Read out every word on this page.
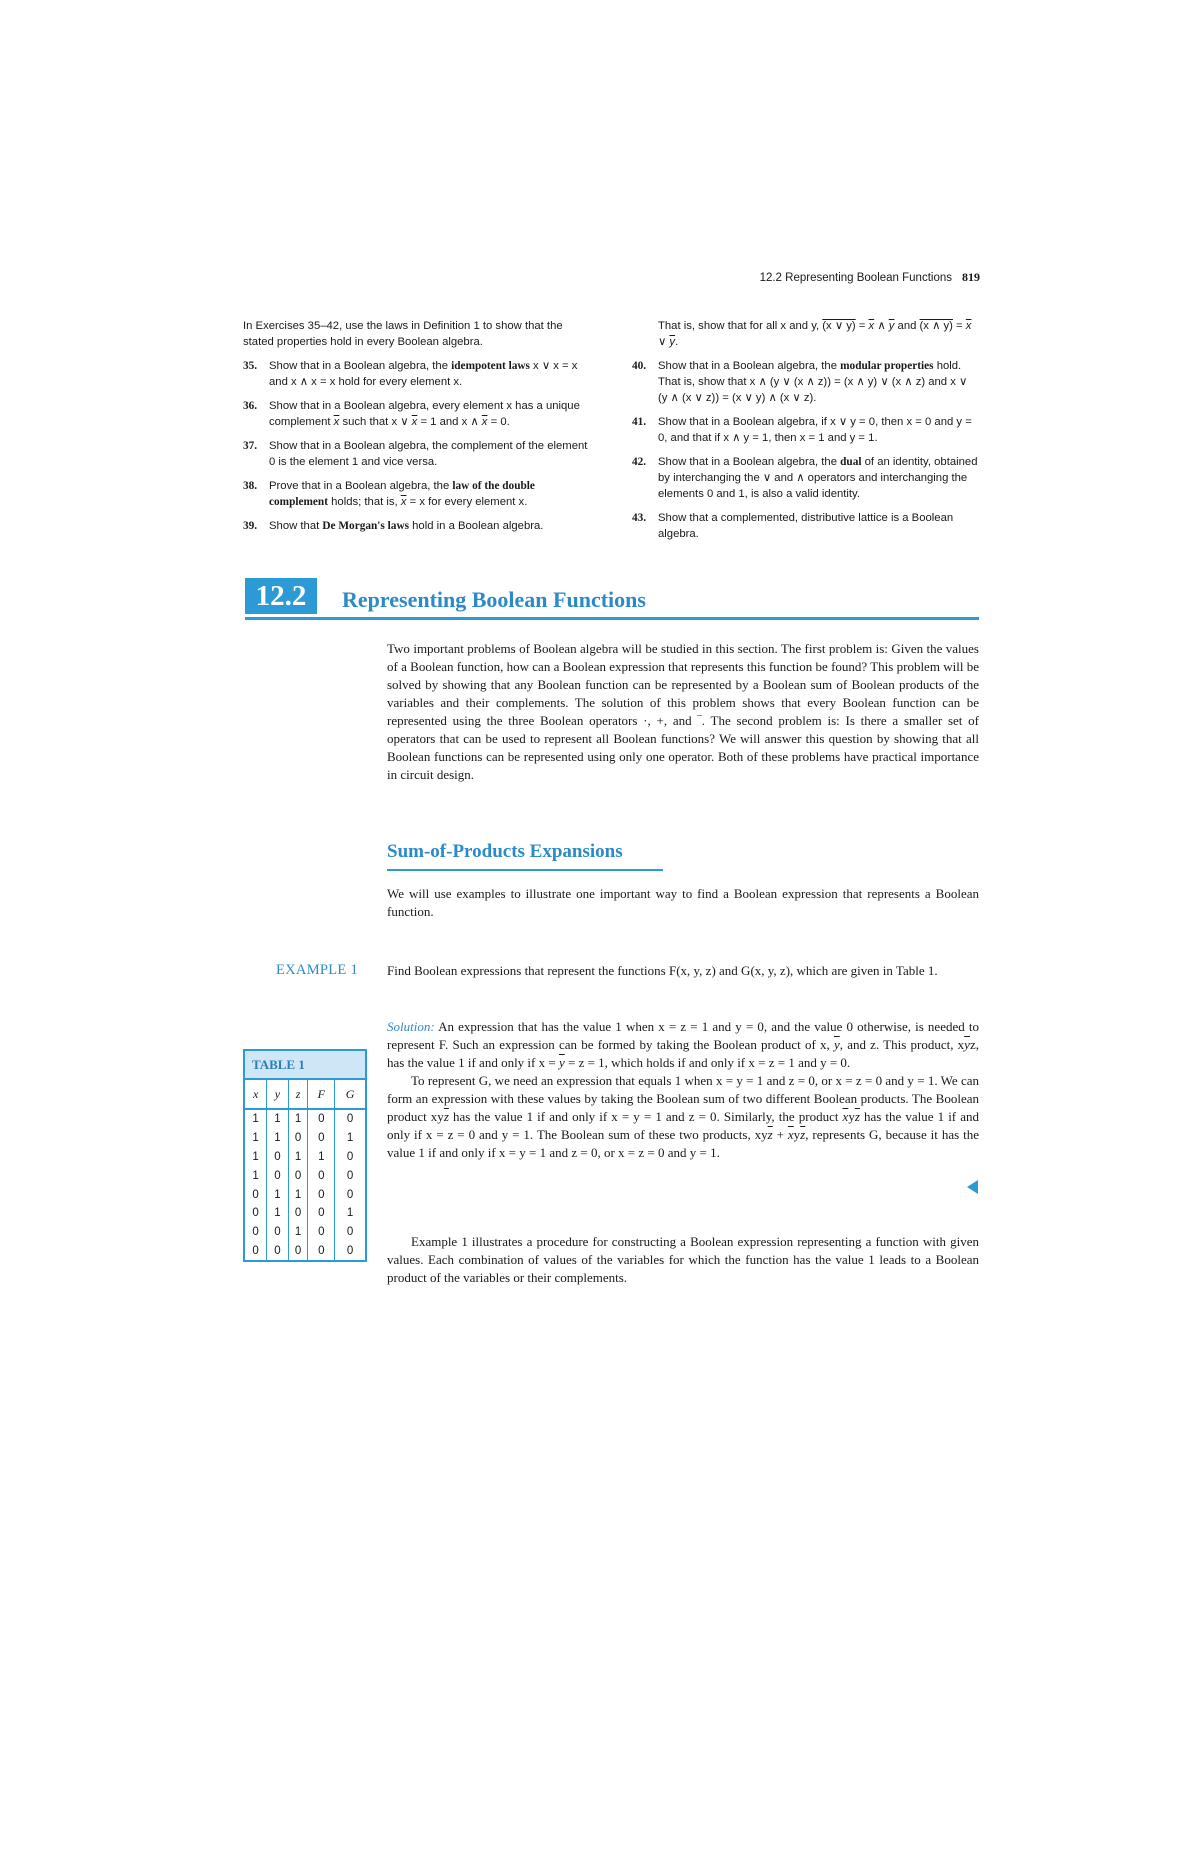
12.2 Representing Boolean Functions 819

In Exercises 35–42, use the laws in Definition 1 to show that the stated properties hold in every Boolean algebra.

35. Show that in a Boolean algebra, the idempotent laws x ∨ x = x and x ∧ x = x hold for every element x.
36. Show that in a Boolean algebra, every element x has a unique complement $\overline{x}$ such that x ∨ $\overline{x} = 1$ and x ∧ $\overline{x} = 0$.
37. Show that in a Boolean algebra, the complement of the element 0 is the element 1 and vice versa.
38. Prove that in a Boolean algebra, the law of the double complement holds; that is, x = x for every element x.
39. Show that De Morgan's laws hold in a Boolean algebra.
That is, show that for all x and y, (x ∨ $y) = \overline{x}$ ∧ $\overline{y}$ and (x ∧ $y) = \overline{x}$ ∨ $\overline{y}$.
40. Show that in a Boolean algebra, the modular properties hold. That is, show that x ∧ (y ∨ (x ∧ z)) = (x ∧ y) ∨ (x ∧ z) and x ∨ (y ∧ (x ∨ z)) = (x ∨ y) ∧ (x ∨ z).
41. Show that in a Boolean algebra, if x ∨ y = 0, then x = 0 and y = 0, and that if x ∧ y = 1, then x = 1 and y = 1.
42. Show that in a Boolean algebra, the dual of an identity, obtained by interchanging the ∨ and ∧ operators and interchanging the elements 0 and 1, is also a valid identity.
43. Show that a complemented, distributive lattice is a Boolean algebra.
12.2	Representing Boolean Functions

Two important problems of Boolean algebra will be studied in this section. The first problem is: Given the values of a Boolean function, how can a Boolean expression that represents this function be found? This problem will be solved by showing that any Boolean function can be represented by a Boolean sum of Boolean products of the variables and their complements. The solution of this problem shows that every Boolean function can be represented using the three Boolean operators ·, +, and ‾. The second problem is: Is there a smaller set of operators that can be used to represent all Boolean functions? We will answer this question by showing that all Boolean functions can be represented using only one operator. Both of these problems have practical importance in circuit design.

Sum-of-Products Expansions

We will use examples to illustrate one important way to find a Boolean expression that represents a Boolean function.

EXAMPLE 1 Find Boolean expressions that represent the functions F(x, y, z) and G(x, y, z), which are given in Table 1.

Solution: An expression that has the value 1 when x = z = 1 and y = 0, and the value 0 otherwise, is needed to represent F. Such an expression can be formed by taking the Boolean product of x, $\overline{y}$, and z. This product, $x\overline{y}z$, has the value 1 if and only if $x = \overline{y} = z = 1$, which holds if and only if x = z = 1 and y = 0.

To represent G, we need an expression that equals 1 when x = y = 1 and z = 0, or x = z = 0 and y = 1. We can form an expression with these values by taking the Boolean sum of two different Boolean products. The Boolean product $xy\overline{z}$ has the value 1 if and only if x = y = 1 and z = 0. Similarly, the product $\overline{x}y\overline{z}$ has the value 1 if and only if x = z = 0 and y = 1. The Boolean sum of these two products, $xy\overline{z} + \overline{x}y\overline{z}$, represents G, because it has the value 1 if and only if x = y = 1 and z = 0, or x = z = 0 and y = 1.

Example 1 illustrates a procedure for constructing a Boolean expression representing a function with given values. Each combination of values of the variables for which the function has the value 1 leads to a Boolean product of the variables or their complements.

TABLE 1
x	y	z	F	G
1	1	1	0	0
1	1	0	0	1
1	0	1	1	0
1	0	0	0	0
0	1	1	0	0
0	1	0	0	1
0	0	1	0	0
0	0	0	0	0
